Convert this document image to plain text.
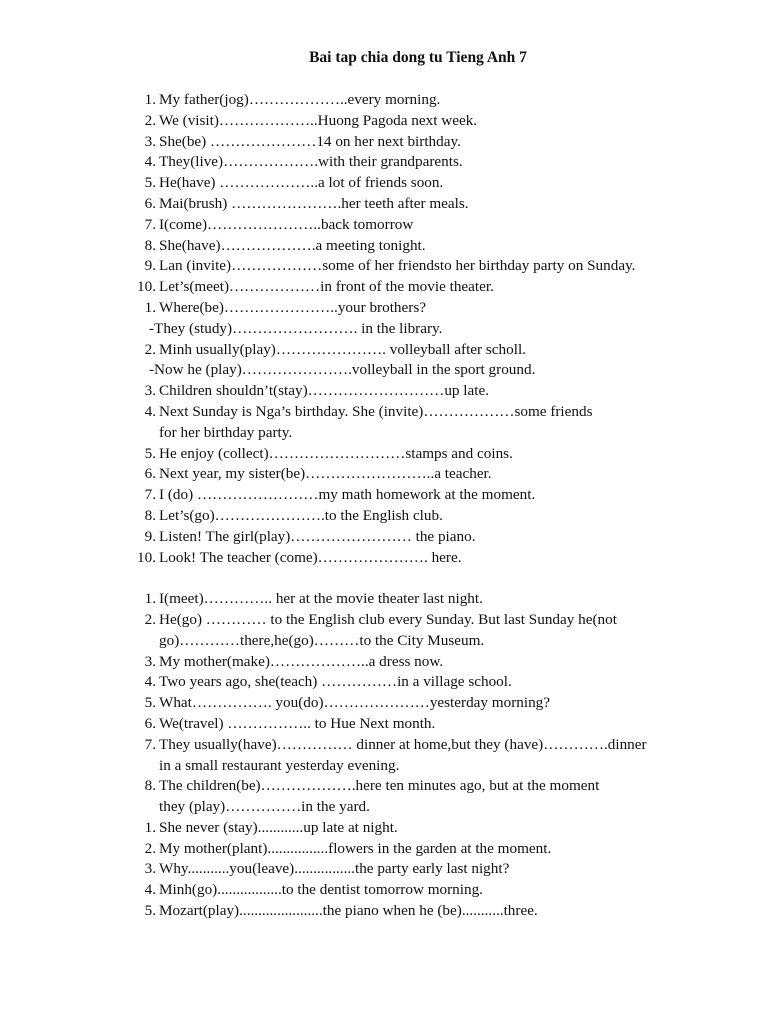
Bai tap chia dong tu Tieng Anh 7
1. My father(jog)………………..every morning.
2. We (visit)………………..Huong Pagoda next week.
3. She(be) …………………14 on her next birthday.
4. They(live)……………….with their grandparents.
5. He(have) ………………..a lot of friends soon.
6. Mai(brush) ………………….her teeth after meals.
7. I(come)…………………..back tomorrow
8. She(have)……………….a meeting tonight.
9. Lan (invite)………………some of her friendsto her birthday party on Sunday.
10. Let’s(meet)………………in front of the movie theater.
1. Where(be)…………………..your brothers?
-They (study)……………………. in the library.
2. Minh usually(play)…………………. volleyball after scholl.
-Now he (play)………………….volleyball in the sport ground.
3. Children shouldn’t(stay)………………………up late.
4. Next Sunday is Nga’s birthday. She (invite)………………some friends
for her birthday party.
5. He enjoy (collect)………………………stamps and coins.
6. Next year, my sister(be)……………………..a teacher.
7. I (do) ……………………my math homework at the moment.
8. Let’s(go)………………….to the English club.
9. Listen! The girl(play)…………………… the piano.
10. Look! The teacher (come)…………………. here.
1. I(meet)………….. her at the movie theater last night.
2. He(go) ………… to the English club every Sunday. But last Sunday he(not
go)…………there,he(go)………to the City Museum.
3. My mother(make)………………..a dress now.
4. Two years ago, she(teach) ……………in a village school.
5. What……………. you(do)…………………yesterday morning?
6. We(travel) …………….. to Hue Next month.
7. They usually(have)…………… dinner at home,but they (have)………….dinner
in a small restaurant yesterday evening.
8. The children(be)……………….here ten minutes ago, but at the moment
they (play)……………in the yard.
1. She never (stay)............up late at night.
2. My mother(plant)................flowers in the garden at the moment.
3. Why...........you(leave)................the party early last night?
4. Minh(go).................to the dentist tomorrow morning.
5. Mozart(play)......................the piano when he (be)...........three.
